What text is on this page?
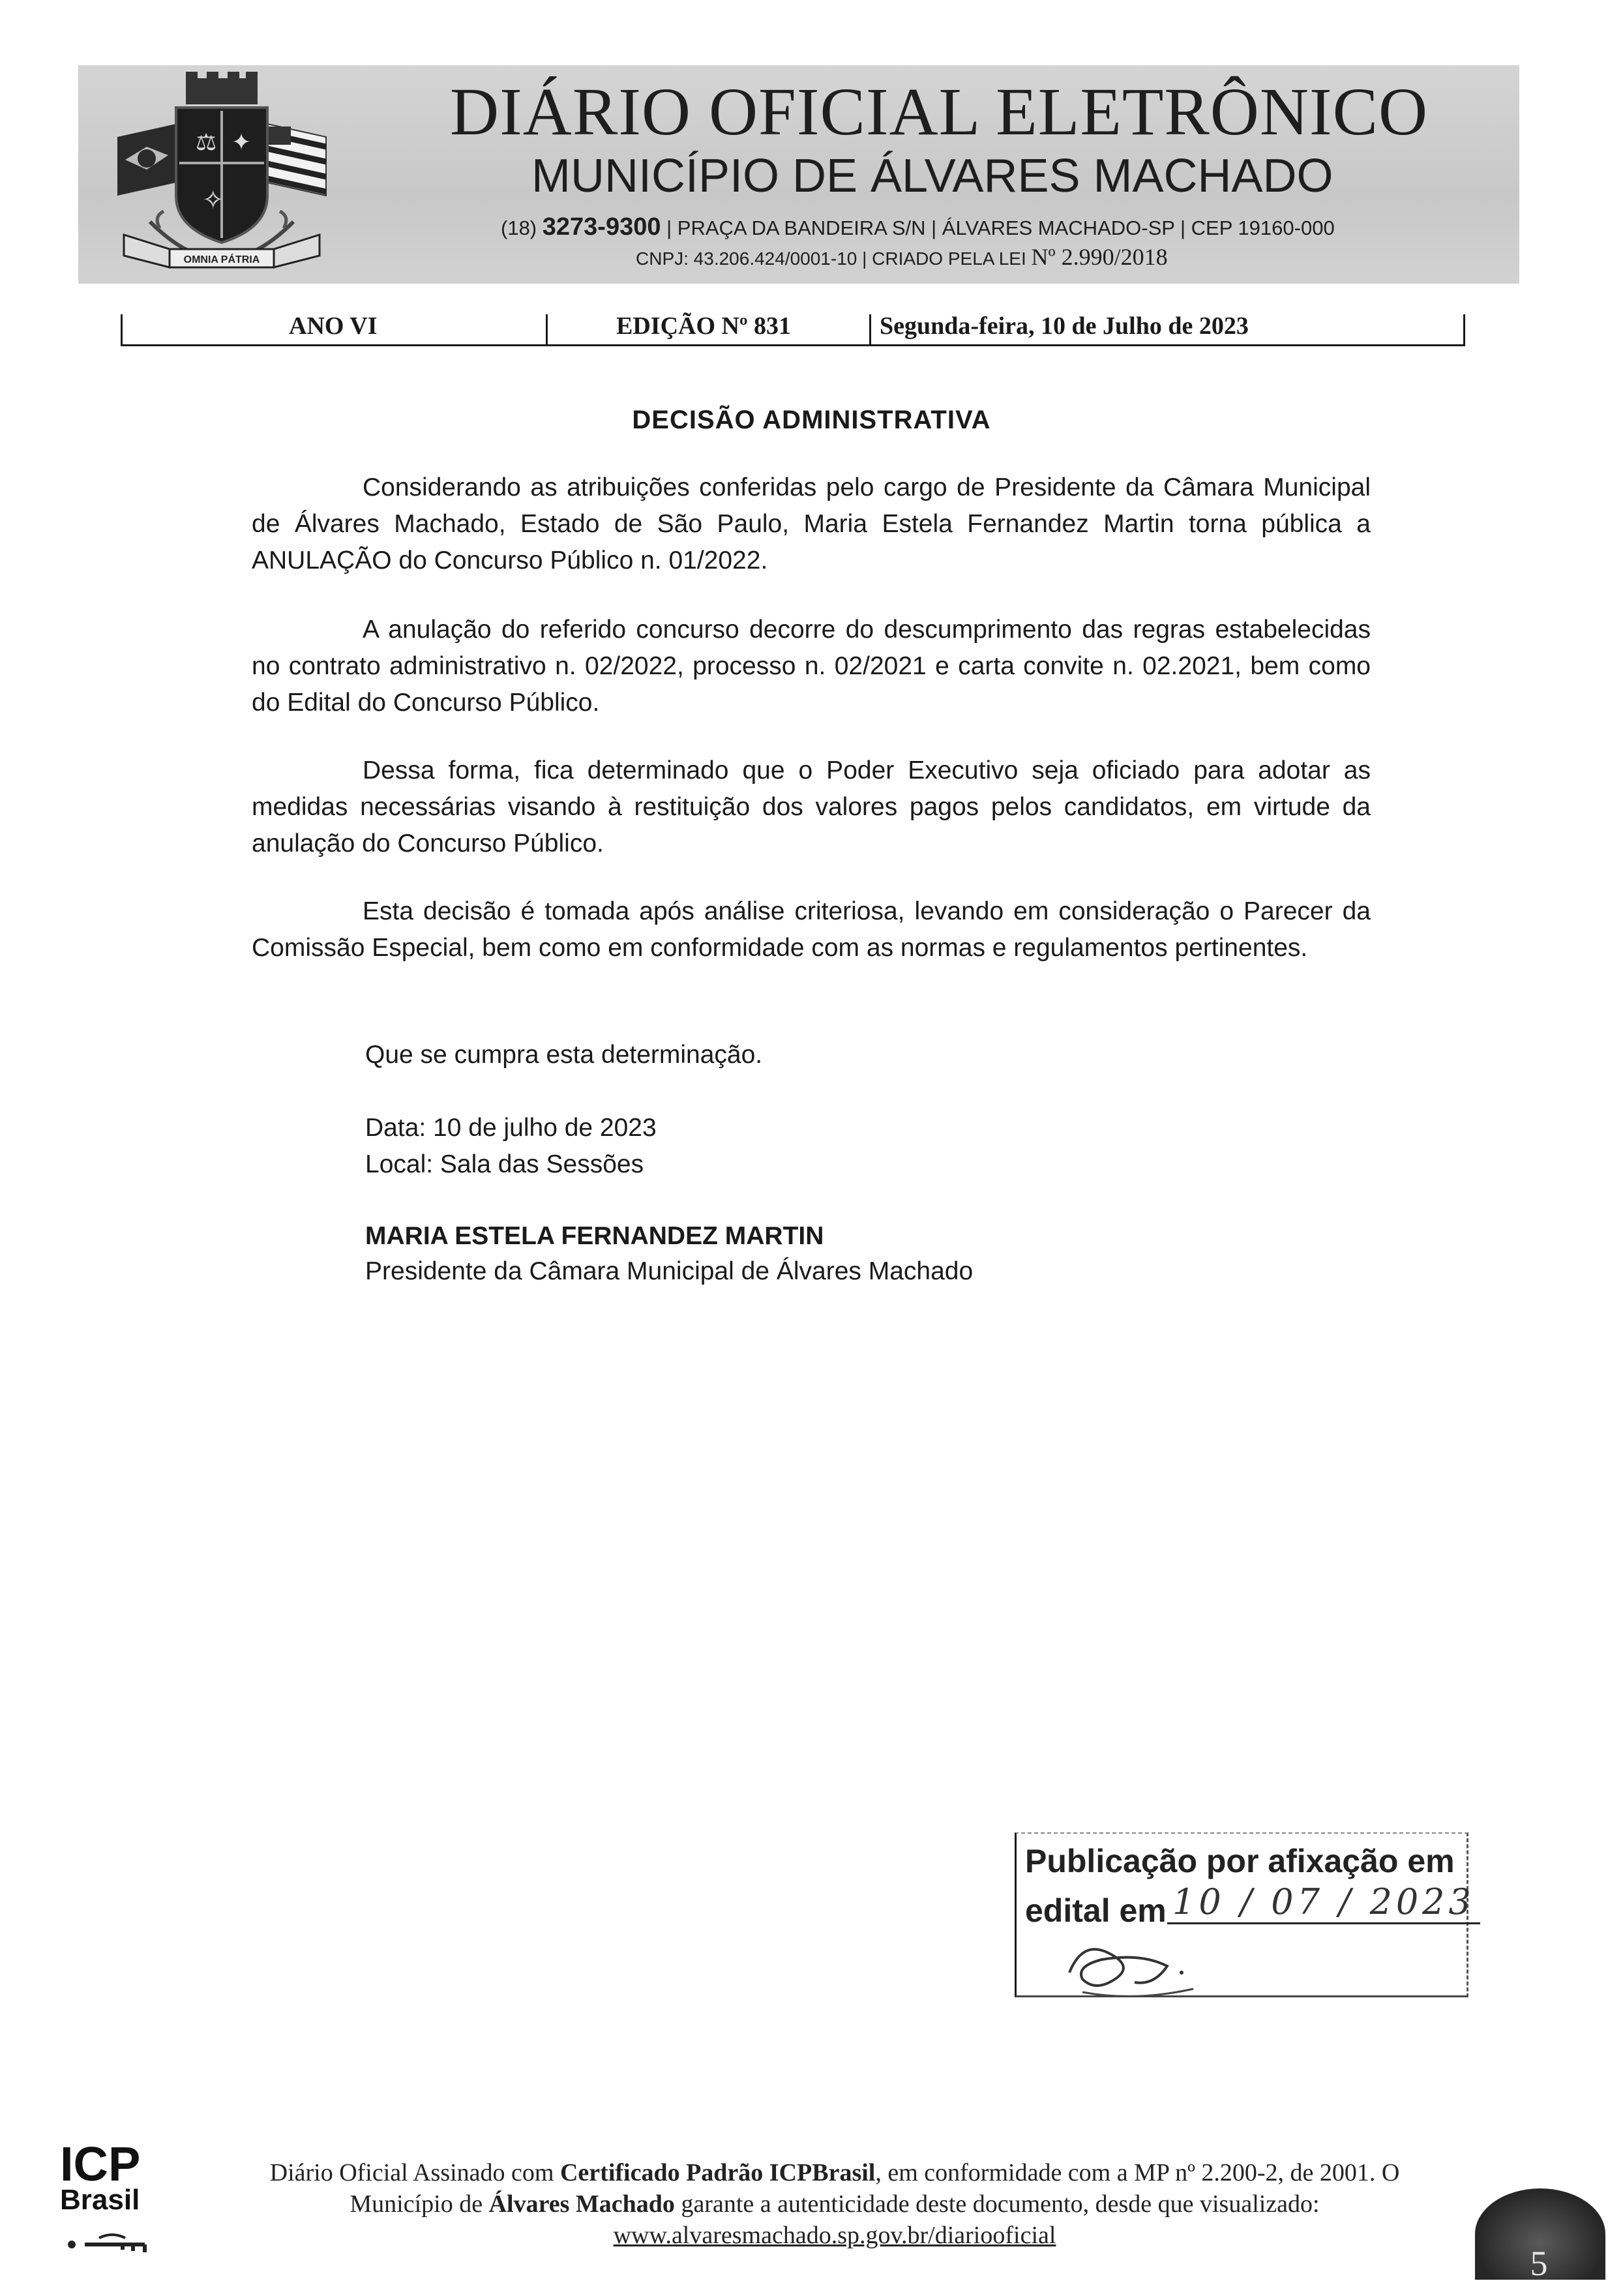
⚖ ✦
✧
OMNIA PÁTRIA
DIÁRIO OFICIAL ELETRÔNICO
MUNICÍPIO DE ÁLVARES MACHADO
(18) 3273-9300 | PRAÇA DA BANDEIRA S/N | ÁLVARES MACHADO-SP | CEP 19160-000
CNPJ: 43.206.424/0001-10 | CRIADO PELA LEI Nº 2.990/2018
ANO VI	EDIÇÃO Nº 831	Segunda-feira, 10 de Julho de 2023
DECISÃO ADMINISTRATIVA
Considerando as atribuições conferidas pelo cargo de Presidente da Câmara Municipal de Álvares Machado, Estado de São Paulo, Maria Estela Fernandez Martin torna pública a ANULAÇÃO do Concurso Público n. 01/2022.
A anulação do referido concurso decorre do descumprimento das regras estabelecidas no contrato administrativo n. 02/2022, processo n. 02/2021 e carta convite n. 02.2021, bem como do Edital do Concurso Público.
Dessa forma, fica determinado que o Poder Executivo seja oficiado para adotar as medidas necessárias visando à restituição dos valores pagos pelos candidatos, em virtude da anulação do Concurso Público.
Esta decisão é tomada após análise criteriosa, levando em consideração o Parecer da Comissão Especial, bem como em conformidade com as normas e regulamentos pertinentes.
Que se cumpra esta determinação.
Data: 10 de julho de 2023
Local: Sala das Sessões
MARIA ESTELA FERNANDEZ MARTIN
Presidente da Câmara Municipal de Álvares Machado
Publicação por afixação em
edital em 10 / 07 / 2023
ICP
Brasil
Diário Oficial Assinado com Certificado Padrão ICPBrasil, em conformidade com a MP nº 2.200-2, de 2001. O Município de Álvares Machado garante a autenticidade deste documento, desde que visualizado: www.alvaresmachado.sp.gov.br/diariooficial
5
